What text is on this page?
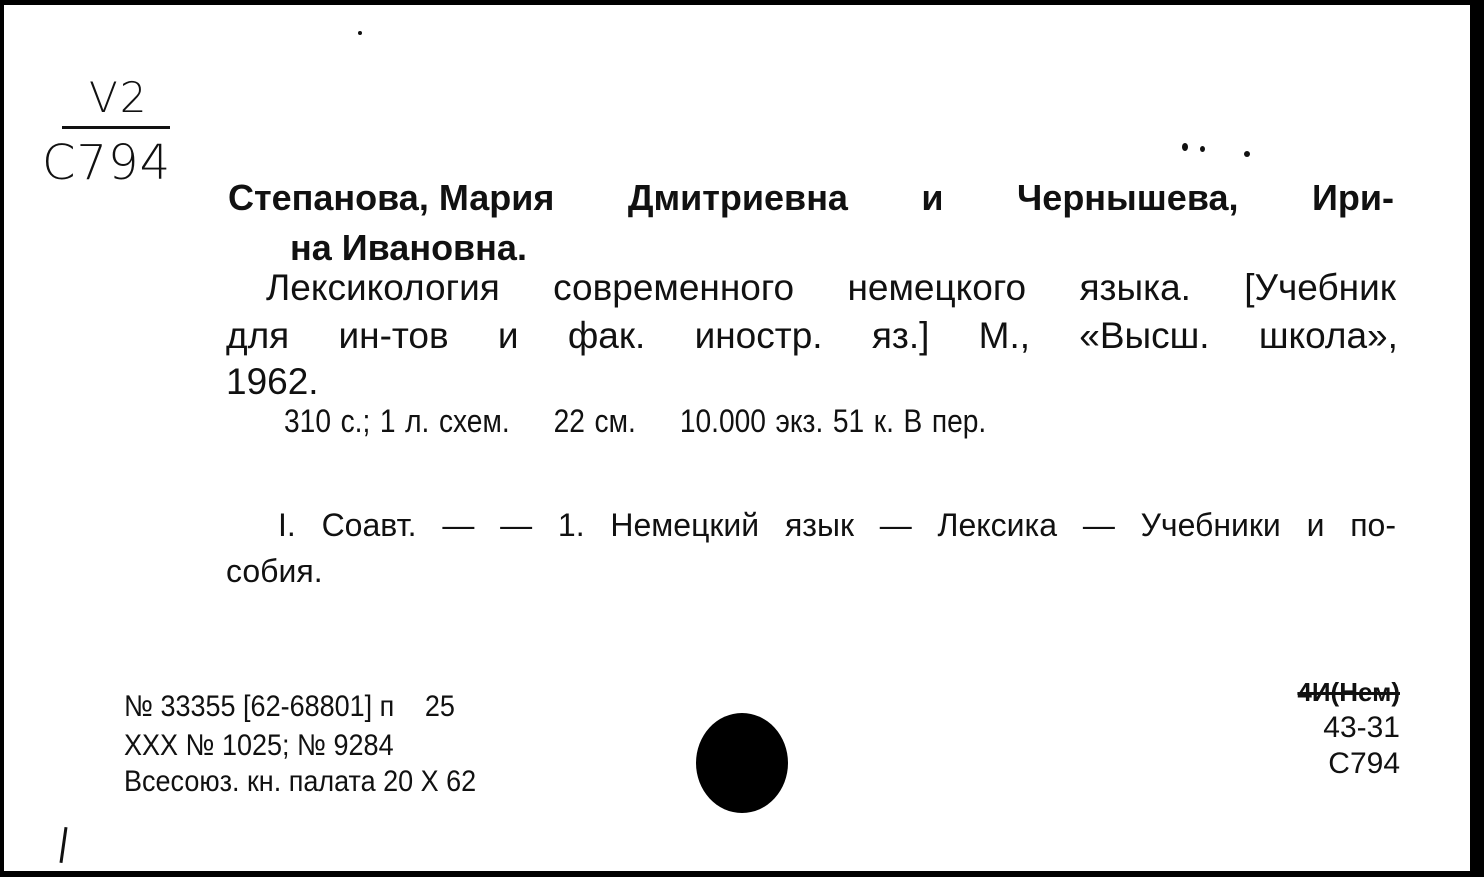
V2
C794
Степанова, Мария Дмитриевна и Чернышева, Ири-
на Ивановна.
Лексикология современного немецкого языка. [Учебник
для ин-тов и фак. иностр. яз.] М., «Высш. школа»,
1962.
310 с.; 1 л. схем. 22 см. 10.000 экз. 51 к. В пер.
I. Соавт. — — 1. Немецкий язык — Лексика — Учебники и по-
собия.
№ 33355 [62-68801] п 25
XXX № 1025; № 9284
Всесоюз. кн. палата 20 X 62
4И(Нем)
43-31
С794
